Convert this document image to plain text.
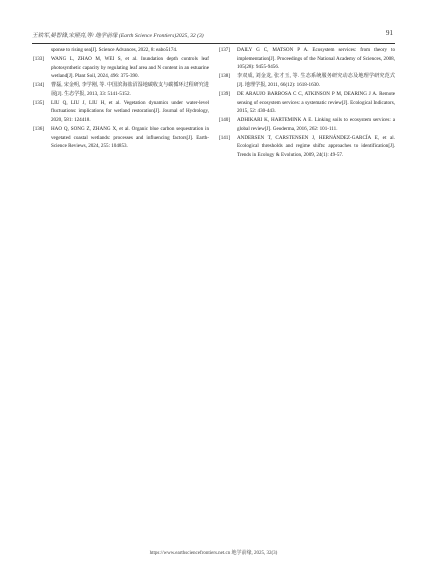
王铁军,晏智锋,宋照亮,等/ 地学前缘 (Earth Science Frontiers)2025, 32 (3)	91
sponse to rising sea[J]. Science Advances, 2022, 8: eabo5174.
[133] WANG L, ZHAO M, WEI S, et al. Inundation depth controls leaf photosynthetic capacity by regulating leaf area and N content in an estuarine wetland[J]. Plant Soil, 2024, 496: 375-390.
[134] 曹磊, 宋金明, 李学刚, 等. 中国滨海盐沼湿地碳收支与碳循环过程研究进展[J]. 生态学报, 2013, 33: 5141-5152.
[135] LIU Q, LIU J, LIU H, et al. Vegetation dynamics under water-level fluctuations: implications for wetland restoration[J]. Journal of Hydrology, 2020, 581: 124418.
[136] HAO Q, SONG Z, ZHANG X, et al. Organic blue carbon sequestration in vegetated coastal wetlands: processes and influencing factors[J]. Earth-Science Reviews, 2024, 255: 104853.
[137] DAILY G C, MATSON P A. Ecosystem services: from theory to implementation[J]. Proceedings of the National Academy of Sciences, 2008, 105(28): 9455-9456.
[138] 李双成, 刘金龙, 张才玉, 等. 生态系统服务研究动态及地理学研究范式[J]. 地理学报, 2011, 66(12): 1618-1630.
[139] DE ARAUJO BARBOSA C C, ATKINSON P M, DEARING J A. Remote sensing of ecosystem services: a systematic review[J]. Ecological Indicators, 2015, 52: 430-443.
[140] ADHIKARI K, HARTEMINK A E. Linking soils to ecosystem services: a global review[J]. Geoderma, 2016, 262: 101-111.
[141] ANDERSEN T, CARSTENSEN J, HERNÁNDEZ-GARCÍA E, et al. Ecological thresholds and regime shifts: approaches to identification[J]. Trends in Ecology & Evolution, 2009, 24(1): 49-57.
https://www.earthsciencefrontiers.net.cn 地学前缘, 2025, 32(3)
